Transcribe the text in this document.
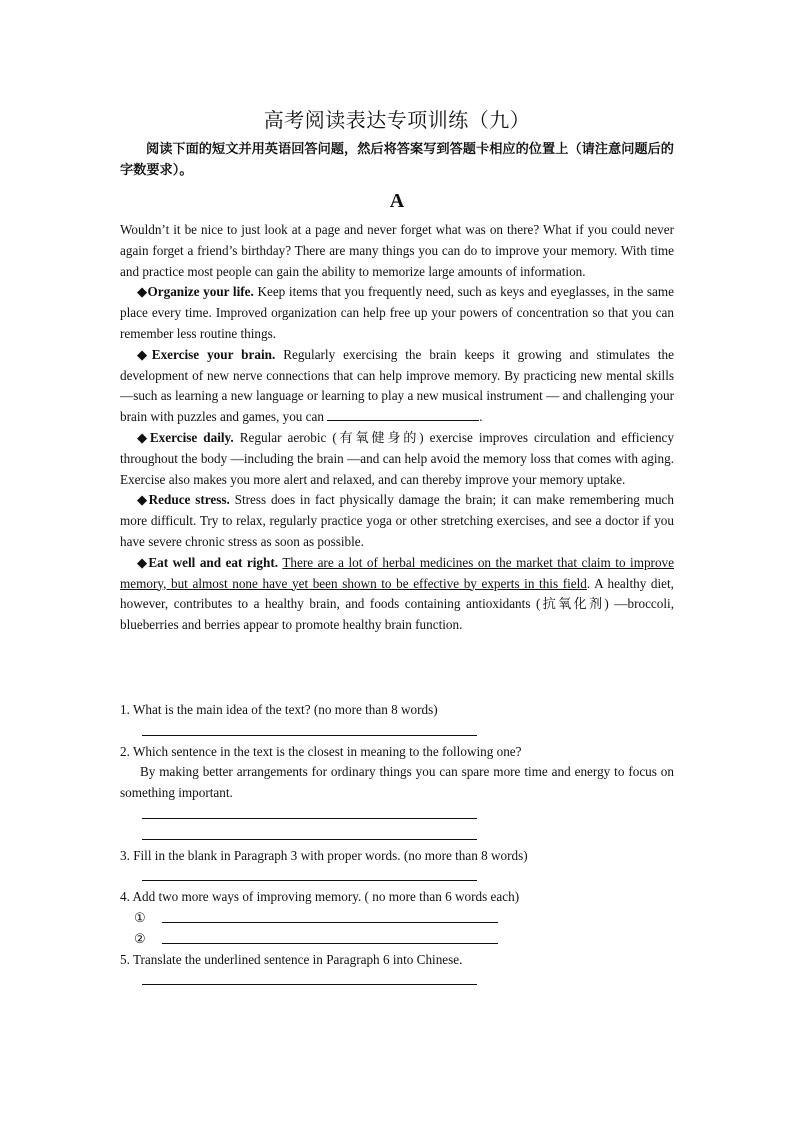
高考阅读表达专项训练（九）
阅读下面的短文并用英语回答问题，然后将答案写到答题卡相应的位置上（请注意问题后的字数要求）。
A

Wouldn’t it be nice to just look at a page and never forget what was on there? What if you could never again forget a friend’s birthday? There are many things you can do to improve your memory. With time and practice most people can gain the ability to memorize large amounts of information.

◆Organize your life. Keep items that you frequently need, such as keys and eyeglasses, in the same place every time. Improved organization can help free up your powers of concentration so that you can remember less routine things.

◆Exercise your brain. Regularly exercising the brain keeps it growing and stimulates the development of new nerve connections that can help improve memory. By practicing new mental skills —such as learning a new language or learning to play a new musical instrument — and challenging your brain with puzzles and games, you can	.

◆Exercise daily. Regular aerobic (有氧健身的) exercise improves circulation and efficiency throughout the body —including the brain —and can help avoid the memory loss that comes with aging. Exercise also makes you more alert and relaxed, and can thereby improve your memory uptake.

◆Reduce stress. Stress does in fact physically damage the brain; it can make remembering much more difficult. Try to relax, regularly practice yoga or other stretching exercises, and see a doctor if you have severe chronic stress as soon as possible.

◆Eat well and eat right. There are a lot of herbal medicines on the market that claim to improve memory, but almost none have yet been shown to be effective by experts in this field. A healthy diet, however, contributes to a healthy brain, and foods containing antioxidants (抗氧化剂) —broccoli, blueberries and berries appear to promote healthy brain function.

1. What is the main idea of the text? (no more than 8 words)

2. Which sentence in the text is the closest in meaning to the following one?

By making better arrangements for ordinary things you can spare more time and energy to focus on something important.

3. Fill in the blank in Paragraph 3 with proper words. (no more than 8 words)

4. Add two more ways of improving memory. ( no more than 6 words each)

①
②

5. Translate the underlined sentence in Paragraph 6 into Chinese.
